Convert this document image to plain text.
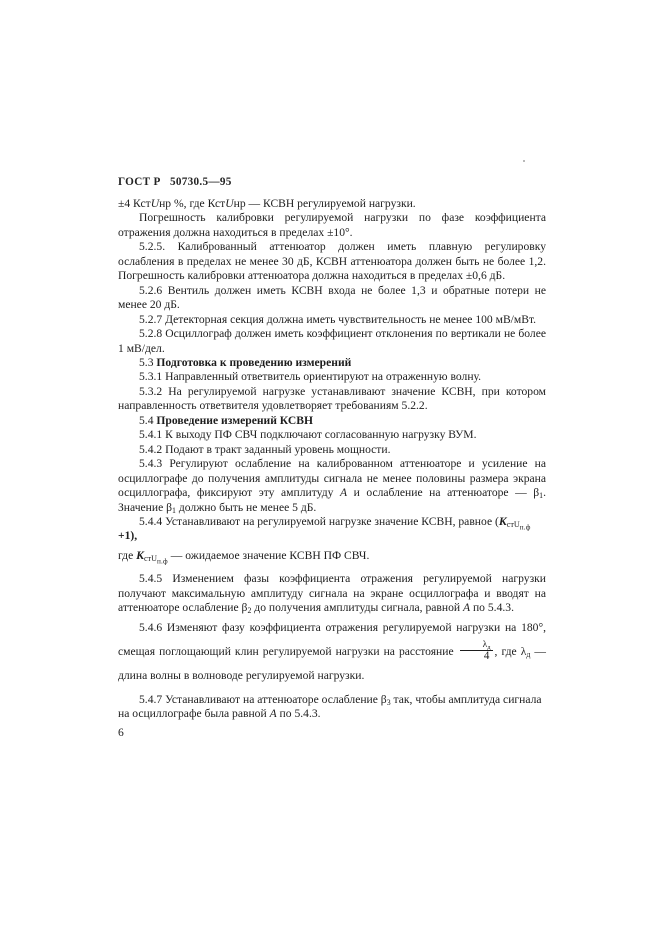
ГОСТ Р   50730.5—95

±4 КстUнр %, где КстUнр — КСВН регулируемой нагрузки.

Погрешность калибровки регулируемой нагрузки по фазе коэффициента отражения должна находиться в пределах ±10°.

5.2.5. Калиброванный аттенюатор должен иметь плавную регулировку ослабления в пределах не менее 30 дБ, КСВН аттенюатора должен быть не более 1,2. Погрешность калибровки аттенюатора должна находиться в пределах ±0,6 дБ.

5.2.6 Вентиль должен иметь КСВН входа не более 1,3 и обратные потери не менее 20 дБ.

5.2.7 Детекторная секция должна иметь чувствительность не менее 100 мВ/мВт.

5.2.8 Осциллограф должен иметь коэффициент отклонения по вертикали не более 1 мВ/дел.

5.3 Подготовка к проведению измерений

5.3.1 Направленный ответвитель ориентируют на отраженную волну.

5.3.2 На регулируемой нагрузке устанавливают значение КСВН, при котором направленность ответвителя удовлетворяет требованиям 5.2.2.

5.4 Проведение измерений КСВН

5.4.1 К выходу ПФ СВЧ подключают согласованную нагрузку ВУМ.

5.4.2 Подают в тракт заданный уровень мощности.

5.4.3 Регулируют ослабление на калиброванном аттенюаторе и усиление на осциллографе до получения амплитуды сигнала не менее половины размера экрана осциллографа, фиксируют эту амплитуду A и ослабление на аттенюаторе — $\beta_1$. Значение $\beta_1$ должно быть не менее 5 дБ.

5.4.4 Устанавливают на регулируемой нагрузке значение КСВН, равное (КстU$_{п.ф}$ +1),

где КстU$_{п.ф}$ — ожидаемое значение КСВН ПФ СВЧ.

5.4.5 Изменением фазы коэффициента отражения регулируемой нагрузки получают максимальную амплитуду сигнала на экране осциллографа и вводят на аттенюаторе ослабление $\beta_2$ до получения амплитуды сигнала, равной A по 5.4.3.

5.4.6 Изменяют фазу коэффициента отражения регулируемой нагрузки на 180°, смещая поглощающий клин регулируемой нагрузки на расстояние $\frac{\lambda_д}{4}$ , где $\lambda_д$ — длина волны в волноводе регулируемой нагрузки.

5.4.7 Устанавливают на аттенюаторе ослабление $\beta_3$ так, чтобы амплитуда сигнала на осциллографе была равной A по 5.4.3.

6
